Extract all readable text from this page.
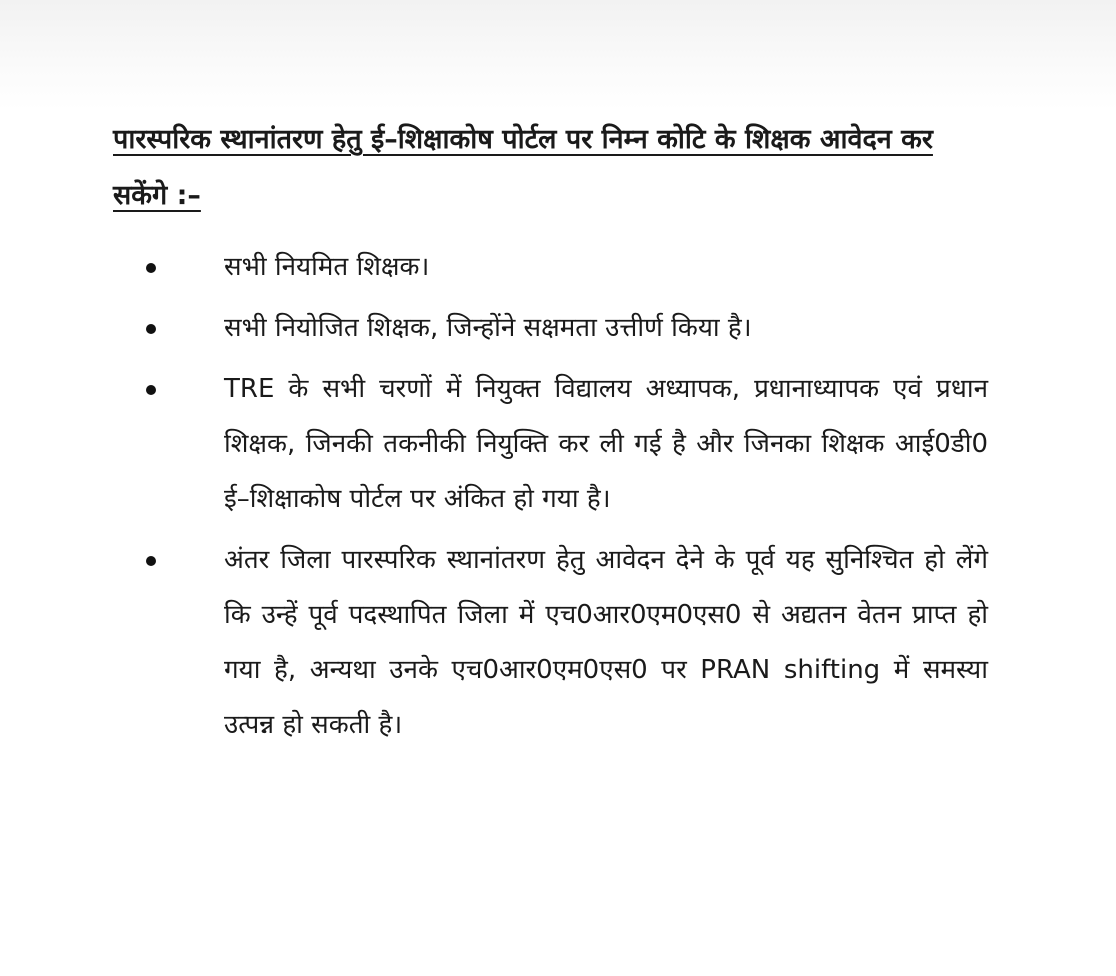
पारस्परिक स्थानांतरण हेतु ई–शिक्षाकोष पोर्टल पर निम्न कोटि के शिक्षक आवेदन कर सकेंगे :–

सभी नियमित शिक्षक।
सभी नियोजित शिक्षक, जिन्होंने सक्षमता उत्तीर्ण किया है।
TRE के सभी चरणों में नियुक्त विद्यालय अध्यापक, प्रधानाध्यापक एवं प्रधान शिक्षक, जिनकी तकनीकी नियुक्ति कर ली गई है और जिनका शिक्षक आई0डी0 ई–शिक्षाकोष पोर्टल पर अंकित हो गया है।
अंतर जिला पारस्परिक स्थानांतरण हेतु आवेदन देने के पूर्व यह सुनिश्चित हो लेंगे कि उन्हें पूर्व पदस्थापित जिला में एच0आर0एम0एस0 से अद्यतन वेतन प्राप्त हो गया है, अन्यथा उनके एच0आर0एम0एस0 पर PRAN shifting में समस्या उत्पन्न हो सकती है।
